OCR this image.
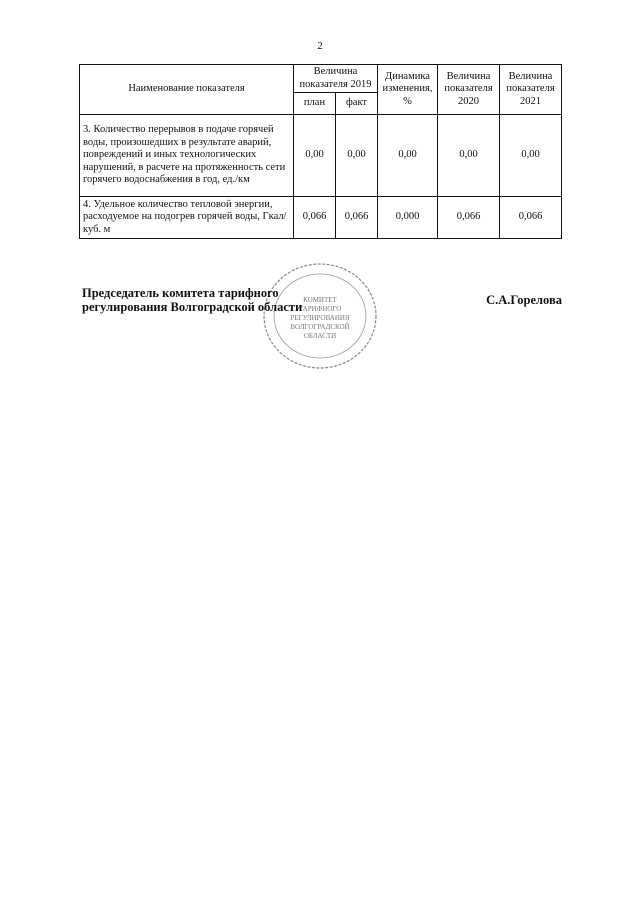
2
Наименование показателя	Величина показателя 2019		Динамика изменения, %	Величина показателя 2020	Величина показателя 2021
	план	факт			
3. Количество перерывов в подаче горячей воды, произошедших в результате аварий, повреждений и иных технологических нарушений, в расчете на протяженность сети горячего водоснабжения в год, ед./км	0,00	0,00	0,00	0,00	0,00
4. Удельное количество тепловой энергии, расходуемое на подогрев горячей воды, Гкал/куб. м	0,066	0,066	0,000	0,066	0,066
КОМИТЕТ
ТАРИФНОГО
РЕГУЛИРОВАНИЯ
ВОЛГОГРАДСКОЙ
ОБЛАСТИ
Председатель комитета тарифного регулирования Волгоградской области	С.А.Горелова
